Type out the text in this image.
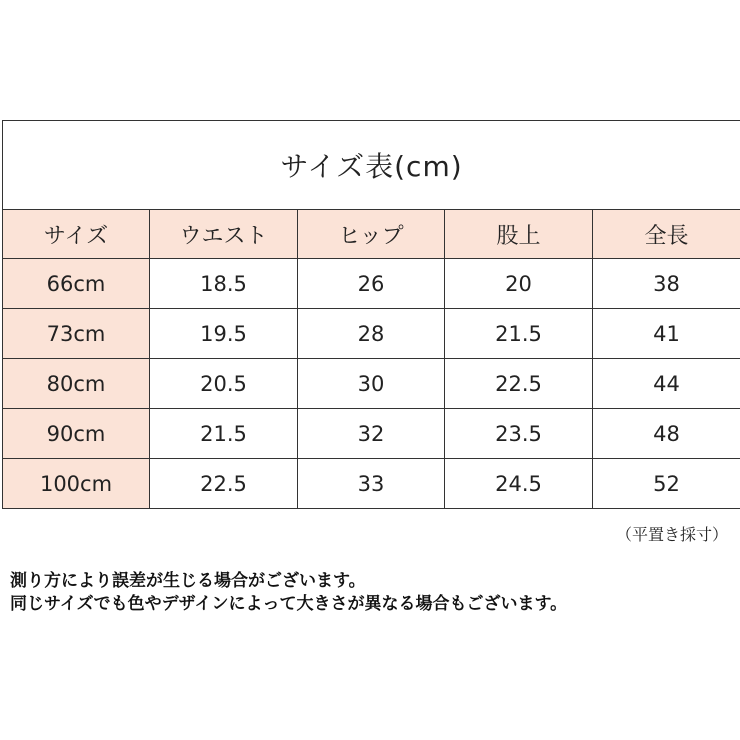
サイズ表(cm)				
サイズ	ウエスト	ヒップ	股上	全長
66cm	18.5	26	20	38
73cm	19.5	28	21.5	41
80cm	20.5	30	22.5	44
90cm	21.5	32	23.5	48
100cm	22.5	33	24.5	52
（平置き採寸）
測り方により誤差が生じる場合がございます。
同じサイズでも色やデザインによって大きさが異なる場合もございます。
